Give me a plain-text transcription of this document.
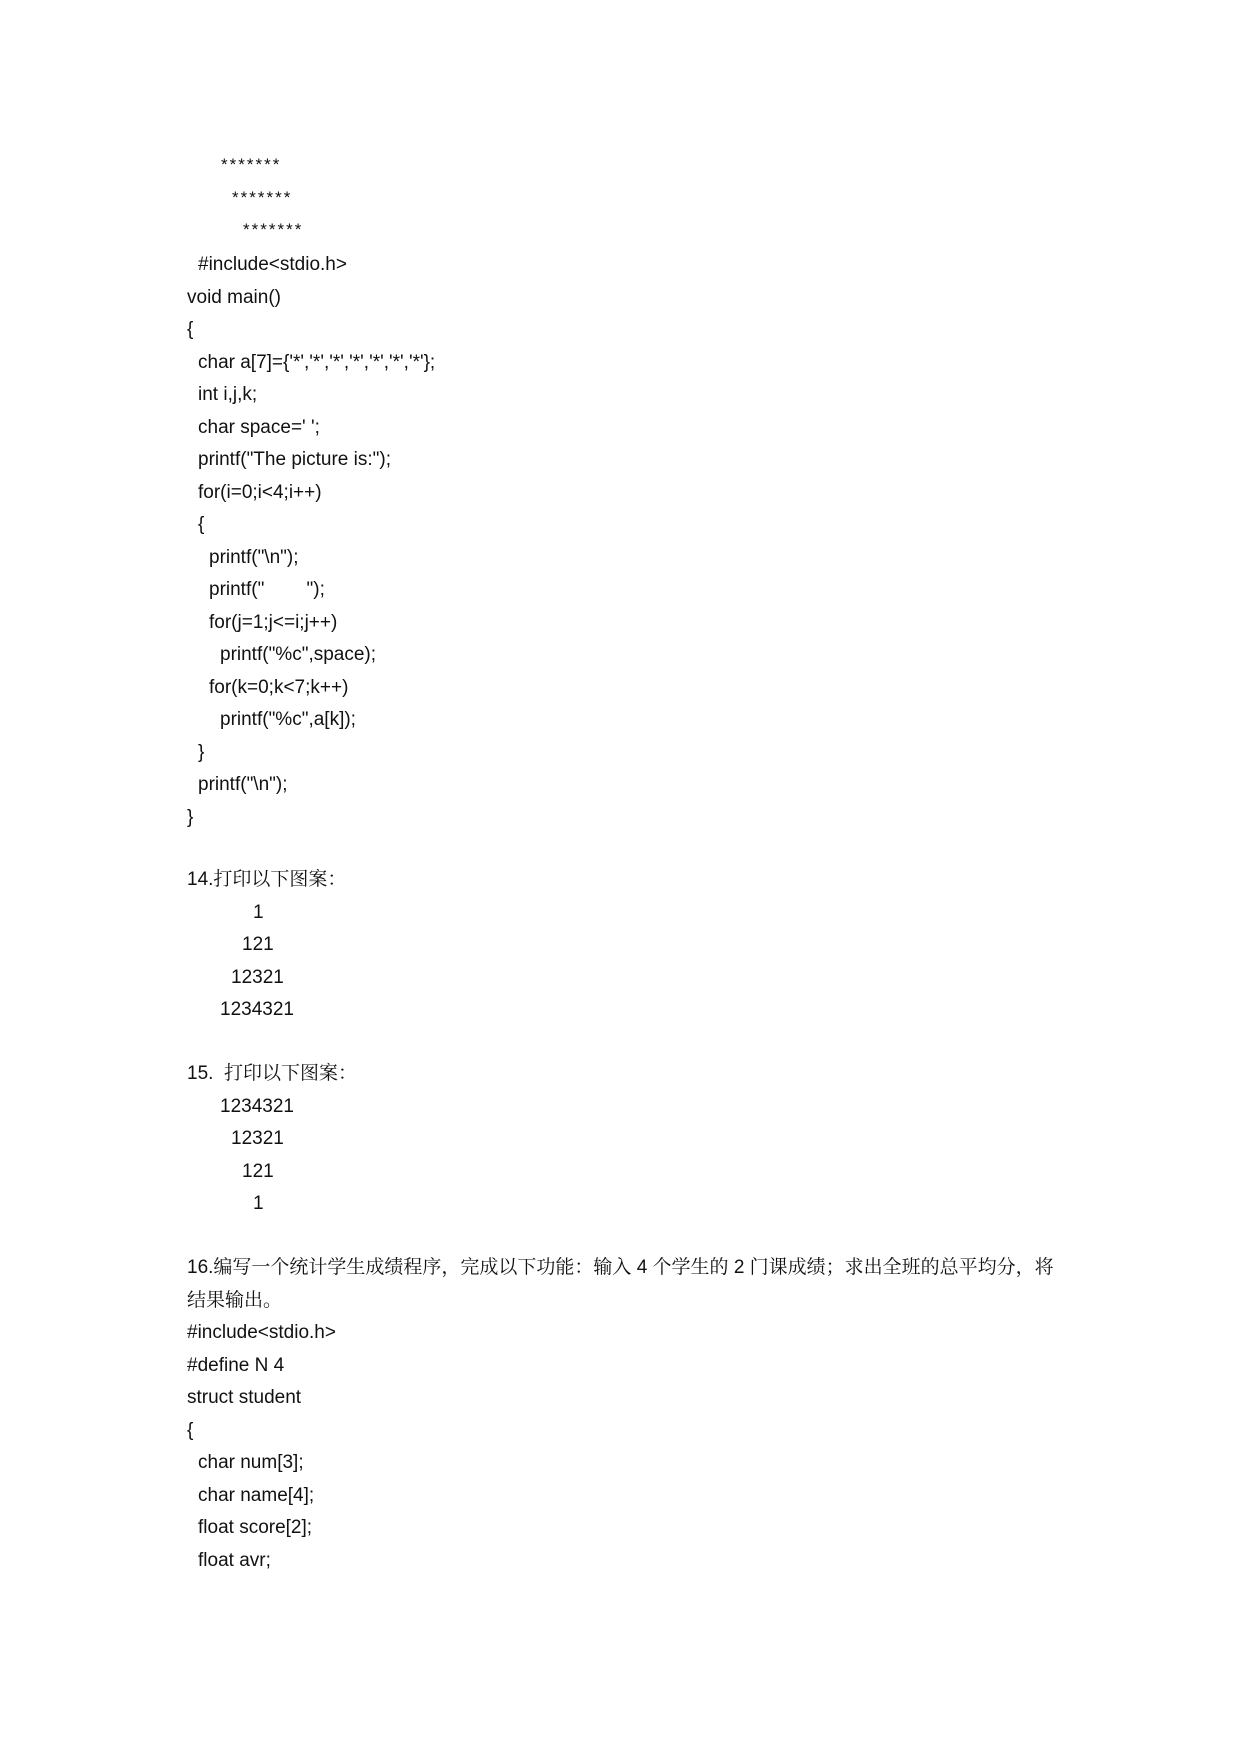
*******
*******
*******
#include<stdio.h>
void main()
{
char a[7]={'*','*','*','*','*','*','*'};
int i,j,k;
char space=' ';
printf("The picture is:");
for(i=0;i<4;i++)
{
printf("\n");
printf("        ");
for(j=1;j<=i;j++)
printf("%c",space);
for(k=0;k<7;k++)
printf("%c",a[k]);
}
printf("\n");
}
14.打印以下图案：
1
121
12321
1234321
15.  打印以下图案：
1234321
12321
121
1
16.编写一个统计学生成绩程序，完成以下功能：输入 4 个学生的 2 门课成绩；求出全班的总平均分，将结果输出。
#include<stdio.h>
#define N 4
struct student
{
char num[3];
char name[4];
float score[2];
float avr;
